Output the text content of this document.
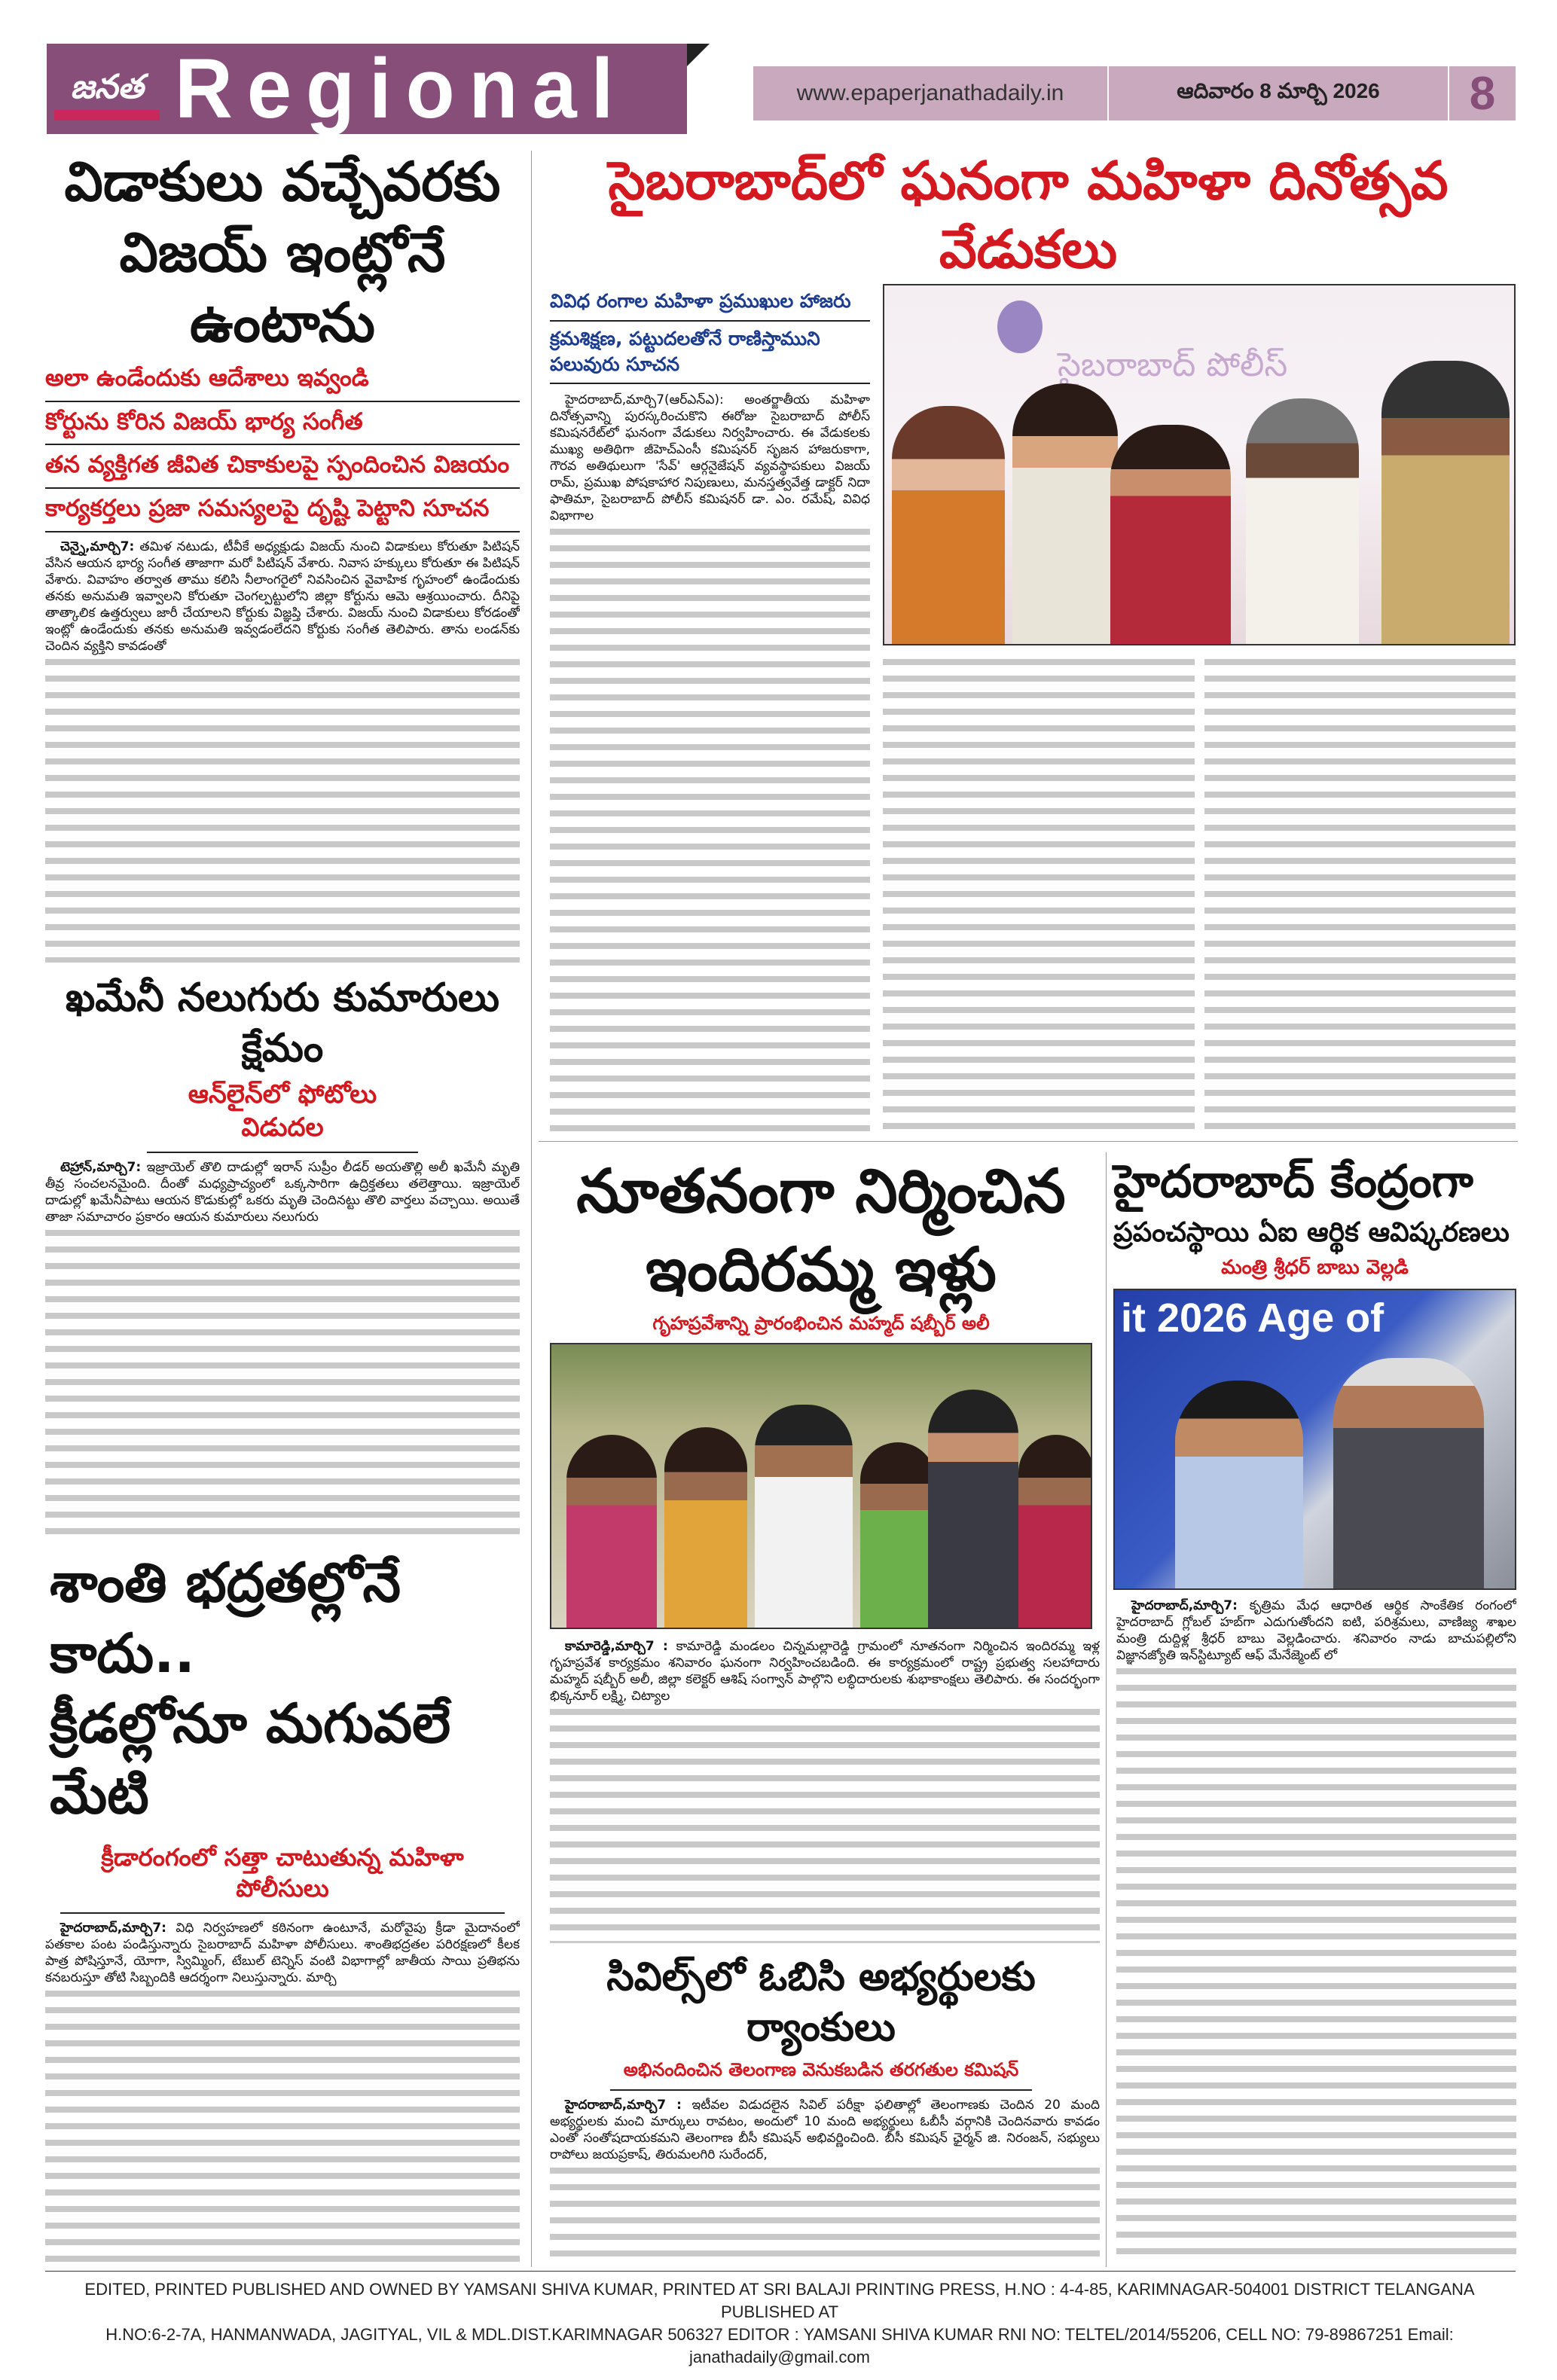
జనత Regional	www.epaperjanathadaily.in	ఆదివారం 8 మార్చి 2026	8
విడాకులు వచ్చేవరకు
విజయ్ ఇంట్లోనే ఉంటాను
అలా ఉండేందుకు ఆదేశాలు ఇవ్వండి
కోర్టును కోరిన విజయ్ భార్య సంగీత
తన వ్యక్తిగత జీవిత చికాకులపై స్పందించిన విజయం
కార్యకర్తలు ప్రజా సమస్యలపై దృష్టి పెట్టాని సూచన

చెన్నై,మార్చి7: తమిళ నటుడు, టీవీకే అధ్యక్షుడు విజయ్ నుంచి విడాకులు కోరుతూ పిటిషన్ వేసిన ఆయన భార్య సంగీత తాజాగా మరో పిటిషన్ వేశారు. నివాస హక్కులు కోరుతూ ఈ పిటిషన్ వేశారు. వివాహం తర్వాత తాము కలిసి నీలాంగరైలో నివసించిన వైవాహిక గృహంలో ఉండేందుకు తనకు అనుమతి ఇవ్వాలని కోరుతూ చెంగల్పట్టులోని జిల్లా కోర్టును ఆమె ఆశ్రయించారు. దీనిపై తాత్కాలిక ఉత్తర్వులు జారీ చేయాలని కోర్టుకు విజ్ఞప్తి చేశారు. విజయ్ నుంచి విడాకులు కోరడంతో ఇంట్లో ఉండేందుకు తనకు అనుమతి ఇవ్వడంలేదని కోర్టుకు సంగీత తెలిపారు. తాను లండన్‌కు చెందిన వ్యక్తిని కావడంతో

ఖమేనీ నలుగురు కుమారులు క్షేమం
ఆన్‌లైన్‌లో ఫోటోలు విడుదల

టెహ్రాన్,మార్చి7: ఇజ్రాయెల్ తొలి దాడుల్లో ఇరాన్ సుప్రీం లీడర్ అయతొల్లి అలీ ఖమేనీ మృతి తీవ్ర సంచలనమైంది. దీంతో మధ్యప్రాచ్యంలో ఒక్కసారిగా ఉద్రిక్తతలు తలెత్తాయి. ఇజ్రాయెల్ దాడుల్లో ఖమేనీపాటు ఆయన కొడుకుల్లో ఒకరు మృతి చెందినట్టు తొలి వార్తలు వచ్చాయి. అయితే తాజా సమాచారం ప్రకారం ఆయన కుమారులు నలుగురు

శాంతి భద్రతల్లోనే కాదు..
క్రీడల్లోనూ మగువలే మేటి
క్రీడారంగంలో సత్తా చాటుతున్న మహిళా పోలీసులు

హైదరాబాద్,మార్చి7: విధి నిర్వహణలో కఠినంగా ఉంటూనే, మరోవైపు క్రీడా మైదానంలో పతకాల పంట పండిస్తున్నారు సైబరాబాద్ మహిళా పోలీసులు. శాంతిభద్రతల పరిరక్షణలో కీలక పాత్ర పోషిస్తూనే, యోగా, స్విమ్మింగ్, టేబుల్ టెన్నిస్ వంటి విభాగాల్లో జాతీయ సాయి ప్రతిభను కనబరుస్తూ తోటి సిబ్బందికి ఆదర్శంగా నిలుస్తున్నారు. మార్చి

సైబరాబాద్‌లో ఘనంగా మహిళా దినోత్సవ వేడుకలు
వివిధ రంగాల మహిళా ప్రముఖుల హాజరు
క్రమశిక్షణ, పట్టుదలతోనే రాణిస్తాముని పలువురు సూచన

హైదరాబాద్,మార్చి7(ఆర్ఎన్ఎ): అంతర్జాతీయ మహిళా దినోత్సవాన్ని పురస్కరించుకొని ఈరోజు సైబరాబాద్ పోలీస్ కమిషనరేట్‌లో ఘనంగా వేడుకలు నిర్వహించారు. ఈ వేడుకలకు ముఖ్య అతిథిగా జీహెచ్ఎంసీ కమిషనర్ సృజన హాజరుకాగా, గౌరవ అతిథులుగా 'సేవ్' ఆర్గనైజేషన్ వ్యవస్థాపకులు విజయ్ రామ్, ప్రముఖ పోషకాహార నిపుణులు, మనస్తత్వవేత్త డాక్టర్ నిదా ఫాతిమా, సైబరాబాద్ పోలీస్ కమిషనర్ డా. ఎం. రమేష్, వివిధ విభాగాల

సైబరాబాద్ పోలీస్
నూతనంగా నిర్మించిన
ఇందిరమ్మ ఇళ్లు
గృహప్రవేశాన్ని ప్రారంభించిన మహ్మద్ షబ్బీర్ అలీ

కామారెడ్డి,మార్చి7 : కామారెడ్డి మండలం చిన్నమల్లారెడ్డి గ్రామంలో నూతనంగా నిర్మించిన ఇందిరమ్మ ఇళ్ల గృహప్రవేశ కార్యక్రమం శనివారం ఘనంగా నిర్వహించబడింది. ఈ కార్యక్రమంలో రాష్ట్ర ప్రభుత్వ సలహాదారు మహ్మద్ షబ్బీర్ అలీ, జిల్లా కలెక్టర్ ఆశిష్ సంగ్వాన్ పాల్గొని లబ్ధిదారులకు శుభాకాంక్షలు తెలిపారు. ఈ సందర్భంగా భిక్కనూర్ లక్ష్మి, చిట్యాల

సివిల్స్‌లో ఓబిసి అభ్యర్థులకు ర్యాంకులు
అభినందించిన తెలంగాణ వెనుకబడిన తరగతుల కమిషన్

హైదరాబాద్,మార్చి7 : ఇటీవల విడుదలైన సివిల్ పరీక్షా ఫలితాల్లో తెలంగాణకు చెందిన 20 మంది అభ్యర్థులకు మంచి మార్కులు రావటం, అందులో 10 మంది అభ్యర్థులు ఓబీసీ వర్గానికి చెందినవారు కావడం ఎంతో సంతోషదాయకమని తెలంగాణ బీసీ కమిషన్ అభివర్ణించింది. బీసీ కమిషన్ ఛైర్మన్ జి. నిరంజన్, సభ్యులు రాపోలు జయప్రకాష్, తిరుమలగిరి సురేందర్,

హైదరాబాద్ కేంద్రంగా
ప్రపంచస్థాయి ఏఐ ఆర్థిక ఆవిష్కరణలు
మంత్రి శ్రీధర్ బాబు వెల్లడి
it 2026 Age of

హైదరాబాద్,మార్చి7: కృత్రిమ మేధ ఆధారిత ఆర్థిక సాంకేతిక రంగంలో హైదరాబాద్ గ్లోబల్ హబ్‌గా ఎదుగుతోందని ఐటి, పరిశ్రమలు, వాణిజ్య శాఖల మంత్రి దుద్దిళ్ల శ్రీధర్ బాబు వెల్లడించారు. శనివారం నాడు బాచుపల్లిలోని విజ్ఞానజ్యోతి ఇన్‌స్టిట్యూట్ ఆఫ్ మేనేజ్మెంట్ లో

EDITED, PRINTED PUBLISHED AND OWNED BY YAMSANI SHIVA KUMAR, PRINTED AT SRI BALAJI PRINTING PRESS, H.NO : 4-4-85, KARIMNAGAR-504001 DISTRICT TELANGANA PUBLISHED AT
H.NO:6-2-7A, HANMANWADA, JAGITYAL, VIL & MDL.DIST.KARIMNAGAR 506327 EDITOR : YAMSANI SHIVA KUMAR RNI NO: TELTEL/2014/55206, CELL NO: 79-89867251 Email: janathadaily@gmail.com
